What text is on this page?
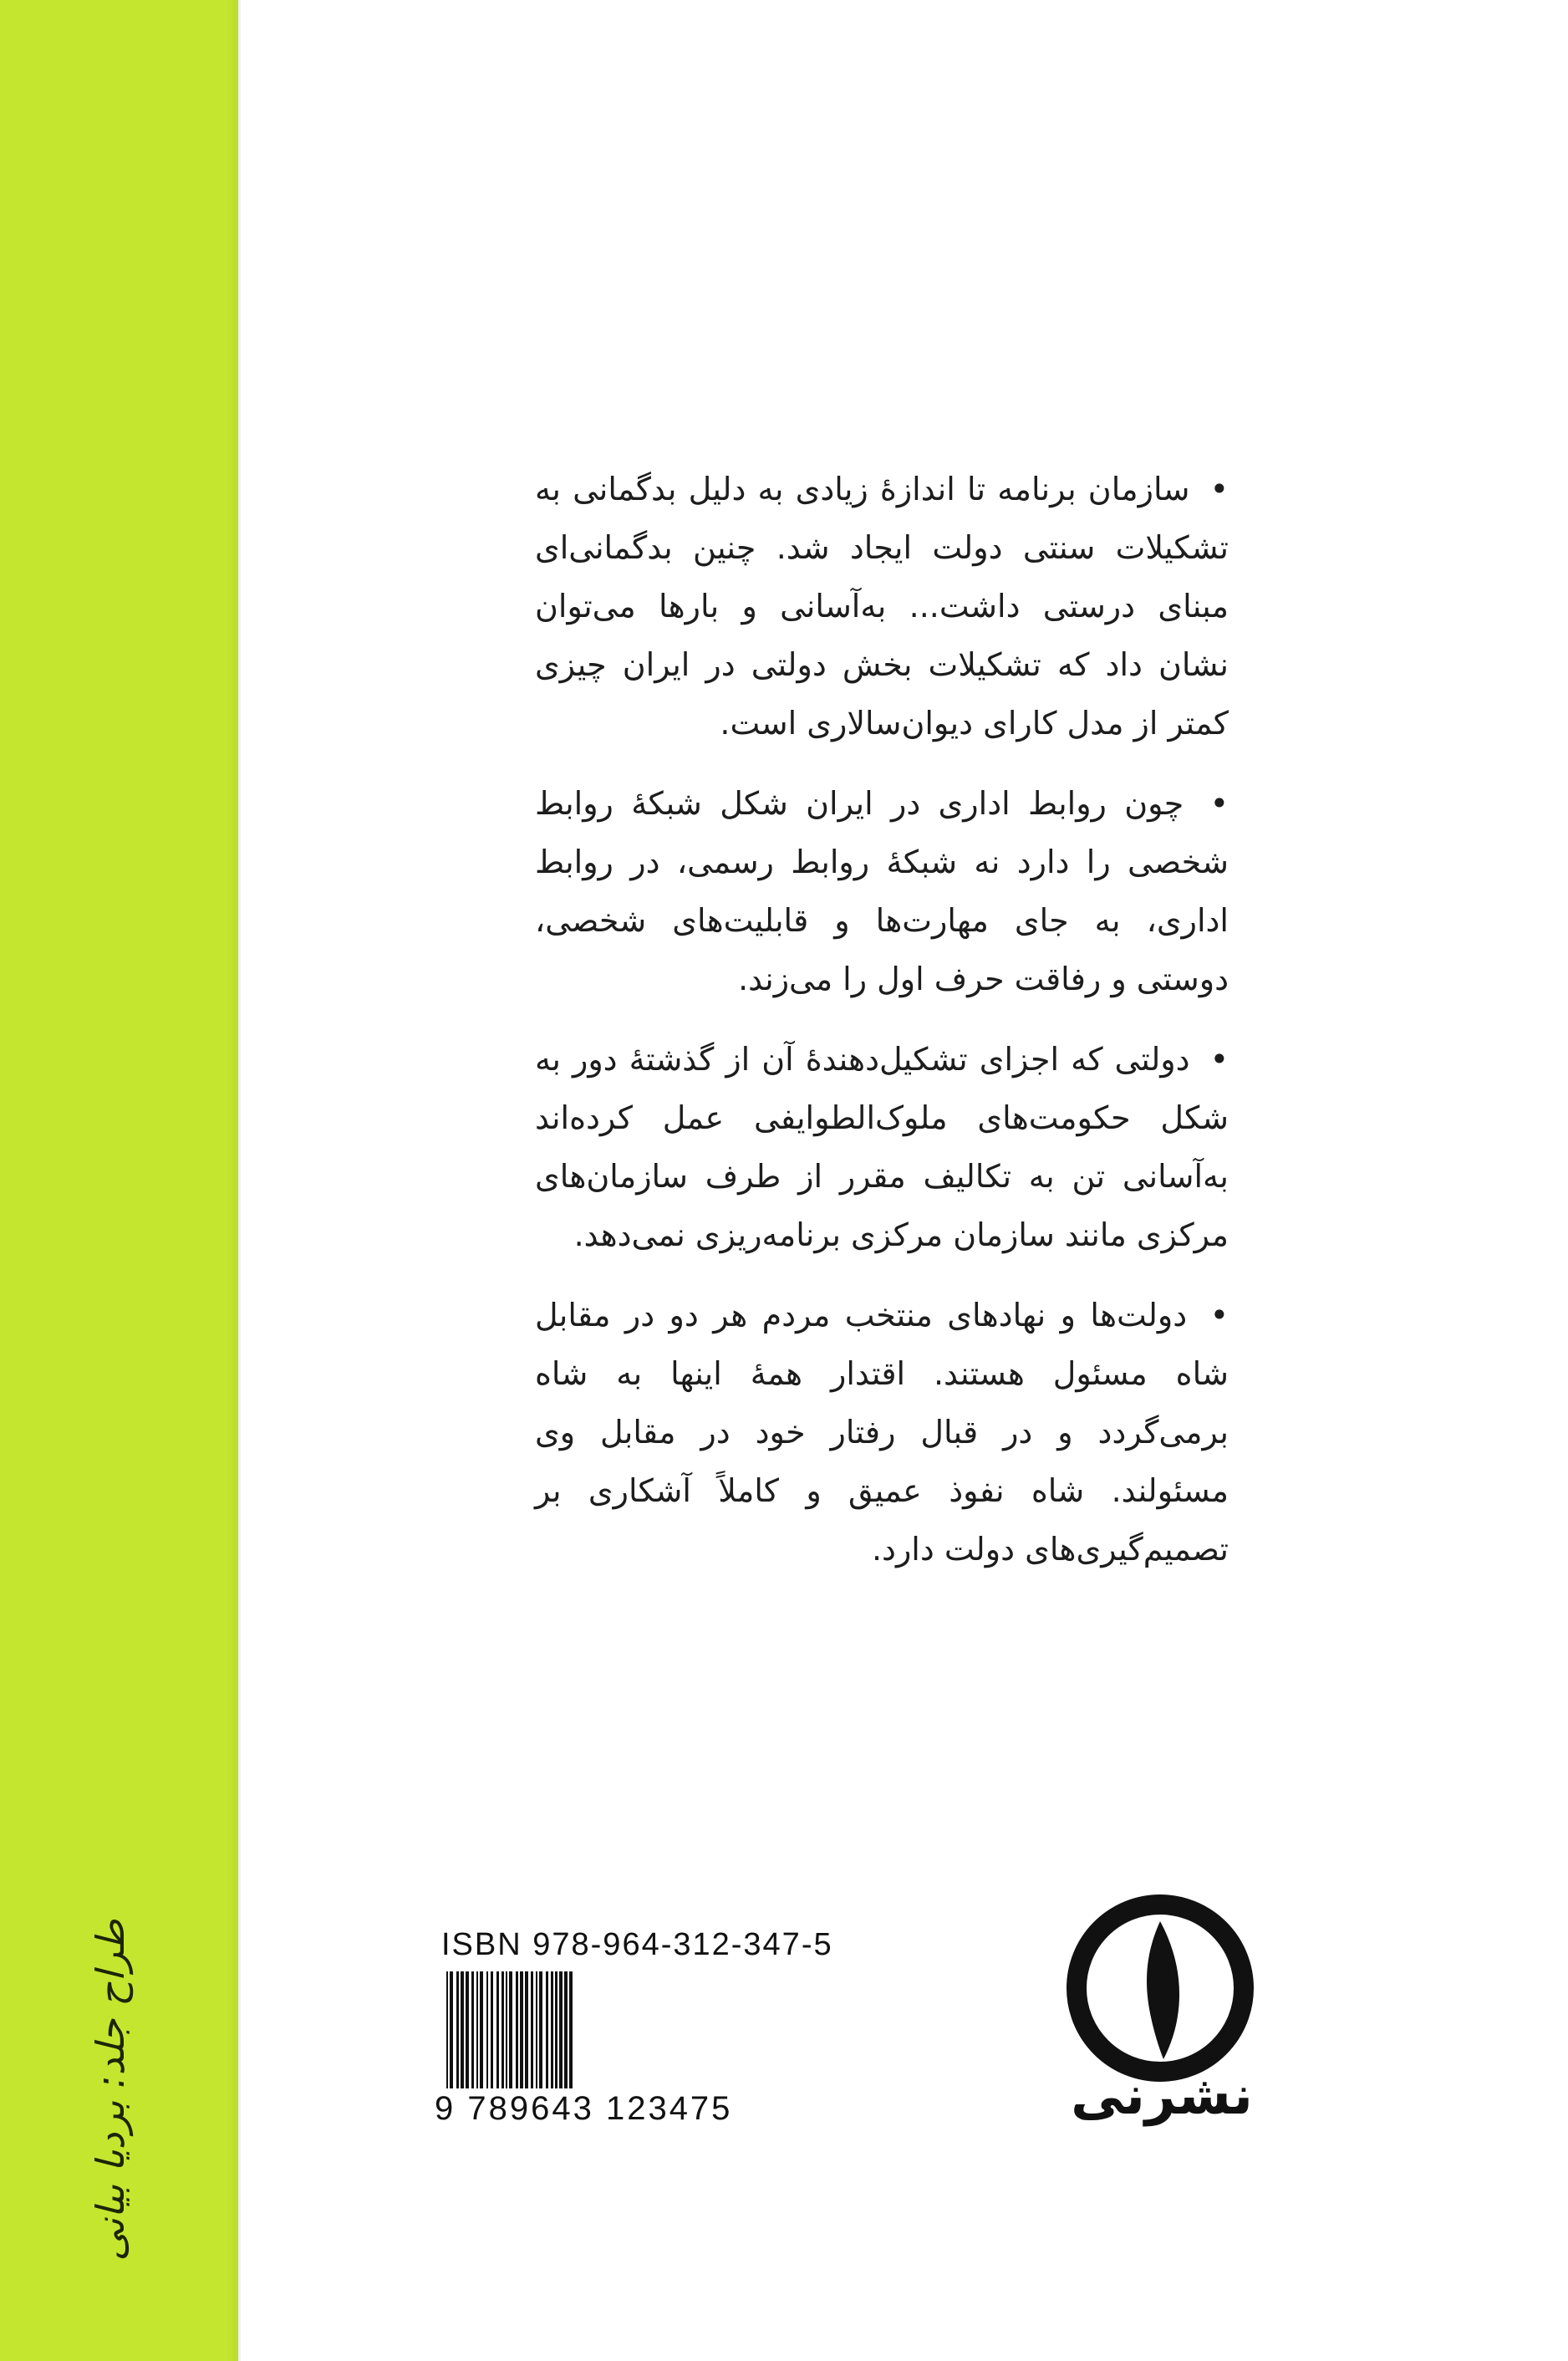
طراح جلد: بردیا بیانی

• سازمان برنامه تا اندازهٔ زیادی به دلیل بدگمانی به تشکیلات سنتی دولت ایجاد شد. چنین بدگمانی‌ای مبنای درستی داشت... به‌آسانی و بارها می‌توان نشان داد که تشکیلات بخش دولتی در ایران چیزی کمتر از مدل کارای دیوان‌سالاری است.

• چون روابط اداری در ایران شکل شبکهٔ روابط شخصی را دارد نه شبکهٔ روابط رسمی، در روابط اداری، به جای مهارت‌ها و قابلیت‌های شخصی، دوستی و رفاقت حرف اول را می‌زند.

• دولتی که اجزای تشکیل‌دهندهٔ آن از گذشتهٔ دور به شکل حکومت‌های ملوک‌الطوایفی عمل کرده‌اند به‌آسانی تن به تکالیف مقرر از طرف سازمان‌های مرکزی مانند سازمان مرکزی برنامه‌ریزی نمی‌دهد.

• دولت‌ها و نهادهای منتخب مردم هر دو در مقابل شاه مسئول هستند. اقتدار همهٔ اینها به شاه برمی‌گردد و در قبال رفتار خود در مقابل وی مسئولند. شاه نفوذ عمیق و کاملاً آشکاری بر تصمیم‌گیری‌های دولت دارد.

ISBN 978-964-312-347-5
9 789643 123475	نشرنی
